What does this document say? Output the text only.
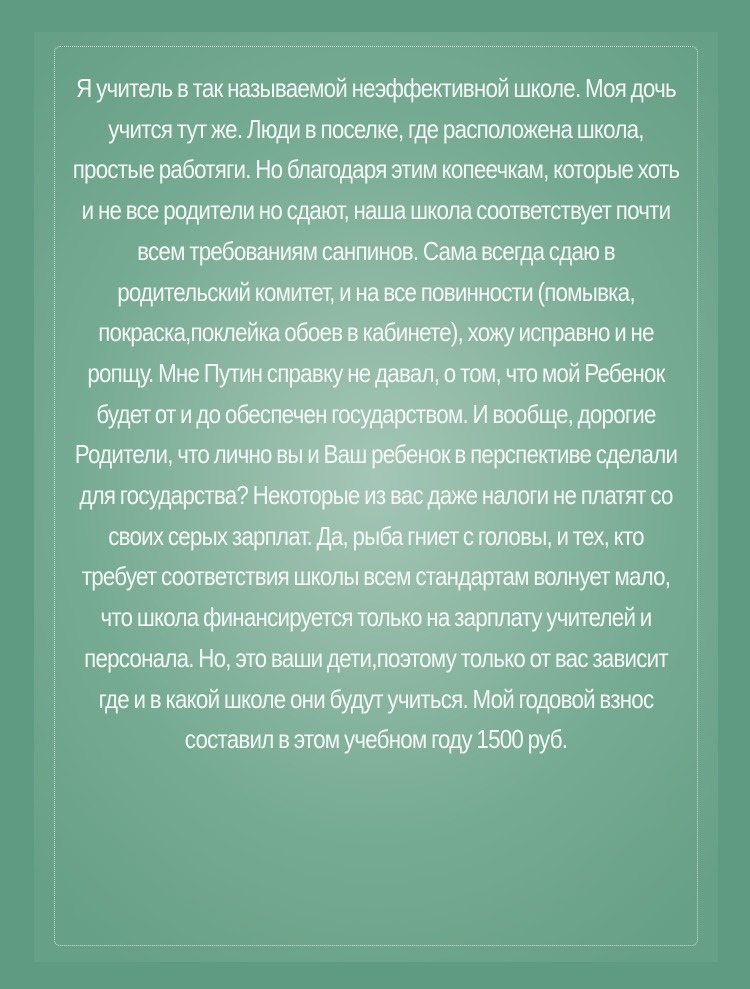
Я учитель в так называемой неэффективной школе. Моя дочь учится тут же. Люди в поселке, где расположена школа, простые работяги. Но благодаря этим копеечкам, которые хоть и не все родители но сдают, наша школа соответствует почти всем требованиям санпинов. Сама всегда сдаю в родительский комитет, и на все повинности (помывка, покраска,поклейка обоев в кабинете), хожу исправно и не ропщу. Мне Путин справку не давал, о том, что мой Ребенок будет от и до обеспечен государством. И вообще, дорогие Родители, что лично вы и Ваш ребенок в перспективе сделали для государства? Некоторые из вас даже налоги не платят со своих серых зарплат. Да, рыба гниет с головы, и тех, кто требует соответствия школы всем стандартам волнует мало, что школа финансируется только на зарплату учителей и персонала. Но, это ваши дети,поэтому только от вас зависит где и в какой школе они будут учиться. Мой годовой взнос составил в этом учебном году 1500 руб.
